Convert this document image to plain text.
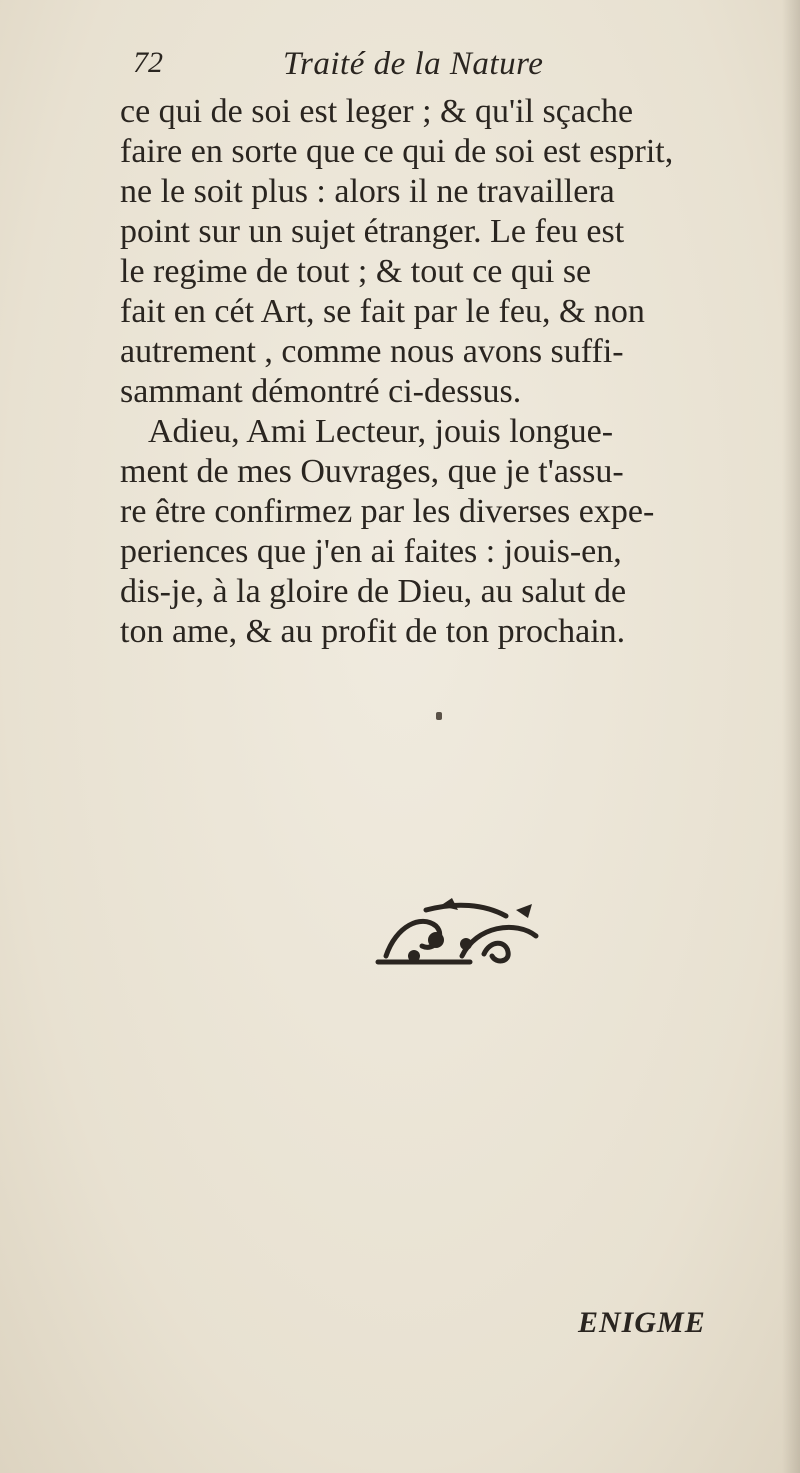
72	Traité de la Nature
ce qui de soi est leger ; & qu'il sçache
faire en sorte que ce qui de soi est esprit,
ne le soit plus : alors il ne travaillera
point sur un sujet étranger. Le feu est
le regime de tout ; & tout ce qui se
fait en cét Art, se fait par le feu, & non
autrement , comme nous avons suffi-
sammant démontré ci-dessus.
Adieu, Ami Lecteur, jouis longue-
ment de mes Ouvrages, que je t'assu-
re être confirmez par les diverses expe-
periences que j'en ai faites : jouis-en,
dis-je, à la gloire de Dieu, au salut de
ton ame, & au profit de ton prochain.
ENIGME
